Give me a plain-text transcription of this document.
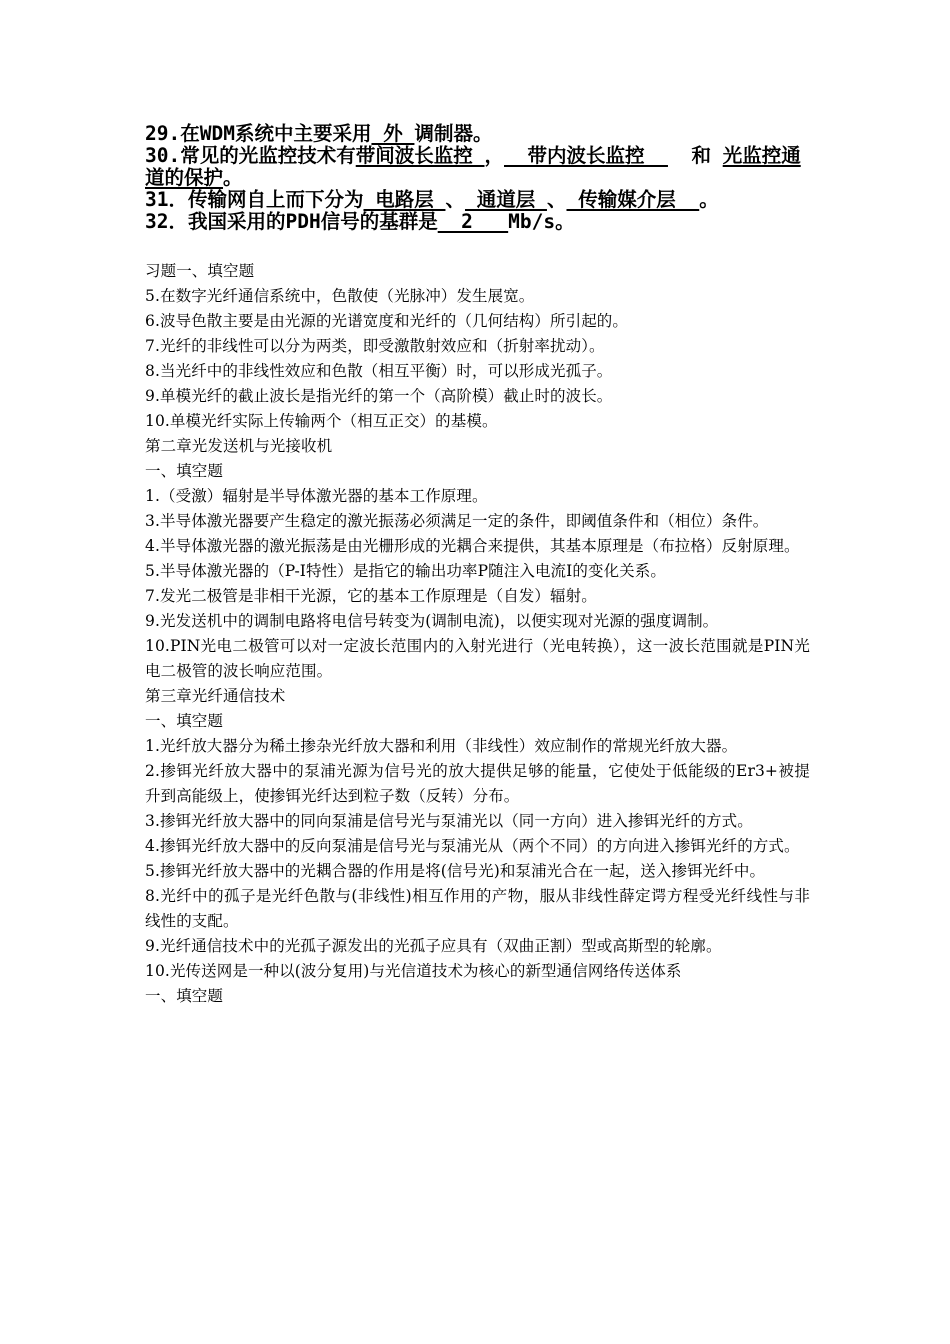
29.在WDM系统中主要采用 外 调制器。

30.常见的光监控技术有带间波长监控 ，  带内波长监控    和 光监控通道的保护。

31．传输网自上而下分为 电路层 、 通道层 、 传输媒介层  。

32．我国采用的PDH信号的基群是  2   Mb/s。

习题一、填空题

5.在数字光纤通信系统中，色散使（光脉冲）发生展宽。

6.波导色散主要是由光源的光谱宽度和光纤的（几何结构）所引起的。

7.光纤的非线性可以分为两类，即受激散射效应和（折射率扰动）。

8.当光纤中的非线性效应和色散（相互平衡）时，可以形成光孤子。

9.单模光纤的截止波长是指光纤的第一个（高阶模）截止时的波长。

10.单模光纤实际上传输两个（相互正交）的基模。

第二章光发送机与光接收机

一、填空题

1.（受激）辐射是半导体激光器的基本工作原理。

3.半导体激光器要产生稳定的激光振荡必须满足一定的条件，即阈值条件和（相位）条件。

4.半导体激光器的激光振荡是由光栅形成的光耦合来提供，其基本原理是（布拉格）反射原理。

5.半导体激光器的（P-I特性）是指它的输出功率P随注入电流I的变化关系。

7.发光二极管是非相干光源，它的基本工作原理是（自发）辐射。

9.光发送机中的调制电路将电信号转变为(调制电流)，以便实现对光源的强度调制。

10.PIN光电二极管可以对一定波长范围内的入射光进行（光电转换），这一波长范围就是PIN光电二极管的波长响应范围。

第三章光纤通信技术

一、填空题

1.光纤放大器分为稀土掺杂光纤放大器和利用（非线性）效应制作的常规光纤放大器。

2.掺铒光纤放大器中的泵浦光源为信号光的放大提供足够的能量，它使处于低能级的Er3+被提升到高能级上，使掺铒光纤达到粒子数（反转）分布。

3.掺铒光纤放大器中的同向泵浦是信号光与泵浦光以（同一方向）进入掺铒光纤的方式。

4.掺铒光纤放大器中的反向泵浦是信号光与泵浦光从（两个不同）的方向进入掺铒光纤的方式。

5.掺铒光纤放大器中的光耦合器的作用是将(信号光)和泵浦光合在一起，送入掺铒光纤中。

8.光纤中的孤子是光纤色散与(非线性)相互作用的产物，服从非线性薛定谔方程受光纤线性与非线性的支配。

9.光纤通信技术中的光孤子源发出的光孤子应具有（双曲正割）型或高斯型的轮廓。

10.光传送网是一种以(波分复用)与光信道技术为核心的新型通信网络传送体系

一、填空题
